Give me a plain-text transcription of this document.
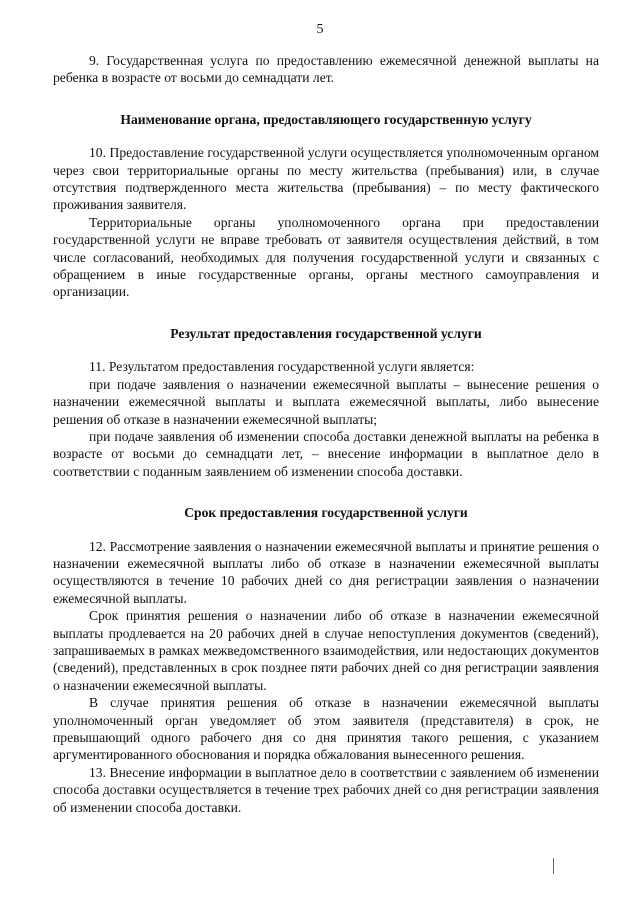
5

9. Государственная услуга по предоставлению ежемесячной денежной выплаты на ребенка в возрасте от восьми до семнадцати лет.

Наименование органа, предоставляющего государственную услугу

10. Предоставление государственной услуги осуществляется уполномоченным органом через свои территориальные органы по месту жительства (пребывания) или, в случае отсутствия подтвержденного места жительства (пребывания) – по месту фактического проживания заявителя.

Территориальные органы уполномоченного органа при предоставлении государственной услуги не вправе требовать от заявителя осуществления действий, в том числе согласований, необходимых для получения государственной услуги и связанных с обращением в иные государственные органы, органы местного самоуправления и организации.

Результат предоставления государственной услуги

11. Результатом предоставления государственной услуги является:

при подаче заявления о назначении ежемесячной выплаты – вынесение решения о назначении ежемесячной выплаты и выплата ежемесячной выплаты, либо вынесение решения об отказе в назначении ежемесячной выплаты;

при подаче заявления об изменении способа доставки денежной выплаты на ребенка в возрасте от восьми до семнадцати лет, – внесение информации в выплатное дело в соответствии с поданным заявлением об изменении способа доставки.

Срок предоставления государственной услуги

12. Рассмотрение заявления о назначении ежемесячной выплаты и принятие решения о назначении ежемесячной выплаты либо об отказе в назначении ежемесячной выплаты осуществляются в течение 10 рабочих дней со дня регистрации заявления о назначении ежемесячной выплаты.

Срок принятия решения о назначении либо об отказе в назначении ежемесячной выплаты продлевается на 20 рабочих дней в случае непоступления документов (сведений), запрашиваемых в рамках межведомственного взаимодействия, или недостающих документов (сведений), представленных в срок позднее пяти рабочих дней со дня регистрации заявления о назначении ежемесячной выплаты.

В случае принятия решения об отказе в назначении ежемесячной выплаты уполномоченный орган уведомляет об этом заявителя (представителя) в срок, не превышающий одного рабочего дня со дня принятия такого решения, с указанием аргументированного обоснования и порядка обжалования вынесенного решения.

13. Внесение информации в выплатное дело в соответствии с заявлением об изменении способа доставки осуществляется в течение трех рабочих дней со дня регистрации заявления об изменении способа доставки.
